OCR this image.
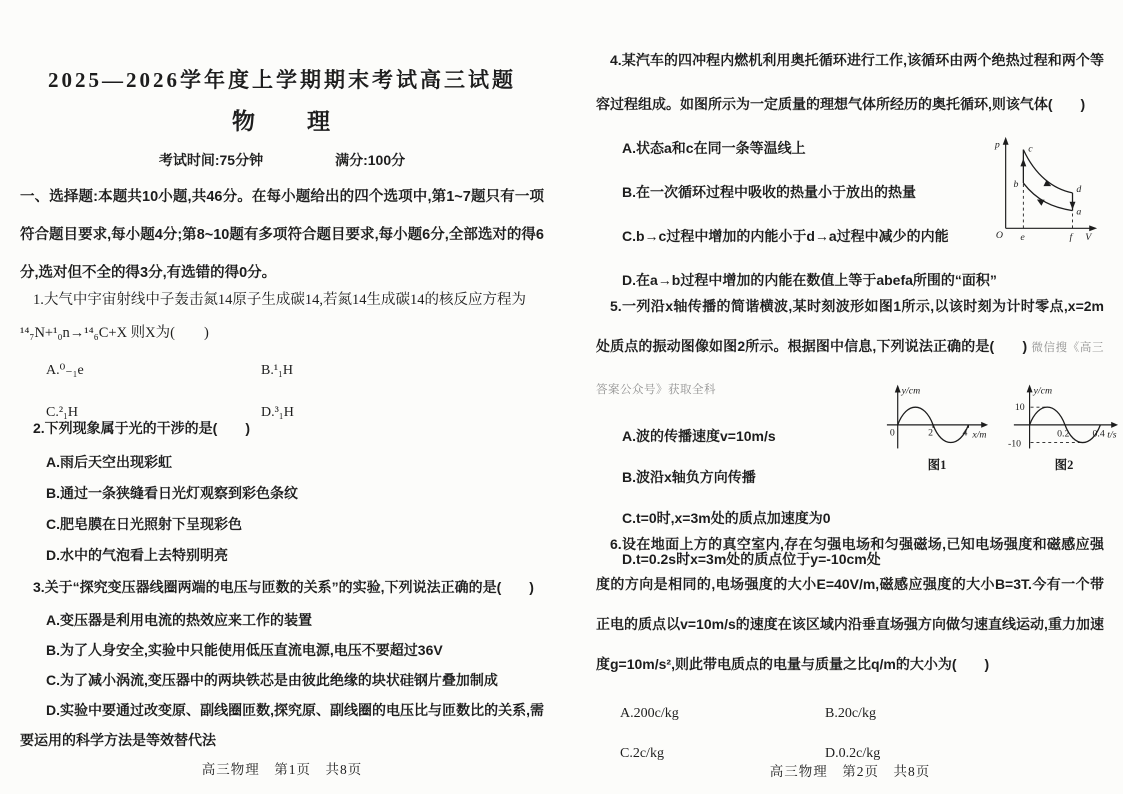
2025—2026学年度上学期期末考试高三试题
物　　理
考试时间:75分钟	满分:100分

一、选择题:本题共10小题,共46分。在每小题给出的四个选项中,第1~7题只有一项符合题目要求,每小题4分;第8~10题有多项符合题目要求,每小题6分,全部选对的得6分,选对但不全的得3分,有选错的得0分。

1.大气中宇宙射线中子轰击氮14原子生成碳14,若氮14生成碳14的核反应方程为

¹⁴₇N+¹₀n→¹⁴₆C+X 则X为(　　)

A.⁰₋₁e	B.¹₁H
C.²₁H	D.³₁H

2.下列现象属于光的干涉的是(　　)

A.雨后天空出现彩虹
B.通过一条狭缝看日光灯观察到彩色条纹
C.肥皂膜在日光照射下呈现彩色
D.水中的气泡看上去特别明亮

3.关于“探究变压器线圈两端的电压与匝数的关系”的实验,下列说法正确的是(　　)

A.变压器是利用电流的热效应来工作的装置
B.为了人身安全,实验中只能使用低压直流电源,电压不要超过36V
C.为了减小涡流,变压器中的两块铁芯是由彼此绝缘的块状硅钢片叠加制成
D.实验中要通过改变原、副线圈匝数,探究原、副线圈的电压比与匝数比的关系,需要运用的科学方法是等效替代法
高三物理　第1页　共8页

4.某汽车的四冲程内燃机利用奥托循环进行工作,该循环由两个绝热过程和两个等容过程组成。如图所示为一定质量的理想气体所经历的奥托循环,则该气体(　　)

A.状态a和c在同一条等温线上
B.在一次循环过程中吸收的热量小于放出的热量
C.b→c过程中增加的内能小于d→a过程中减少的内能
D.在a→b过程中增加的内能在数值上等于abefa所围的“面积”
p
V
O
c
b	d
a
e	f

5.一列沿x轴传播的简谐横波,某时刻波形如图1所示,以该时刻为计时零点,x=2m处质点的振动图像如图2所示。根据图中信息,下列说法正确的是(　　) 微信搜《高三答案公众号》获取全科

A.波的传播速度v=10m/s
B.波沿x轴负方向传播
C.t=0时,x=3m处的质点加速度为0
D.t=0.2s时x=3m处的质点位于y=-10cm处
y/cm
0	2	4 x/m
图1
y/cm
10
-10
0.2 0.4 t/s
图2

6.设在地面上方的真空室内,存在匀强电场和匀强磁场,已知电场强度和磁感应强度的方向是相同的,电场强度的大小E=40V/m,磁感应强度的大小B=3T.今有一个带正电的质点以v=10m/s的速度在该区域内沿垂直场强方向做匀速直线运动,重力加速度g=10m/s²,则此带电质点的电量与质量之比q/m的大小为(　　)

A.200c/kg	B.20c/kg
C.2c/kg	D.0.2c/kg
高三物理　第2页　共8页
